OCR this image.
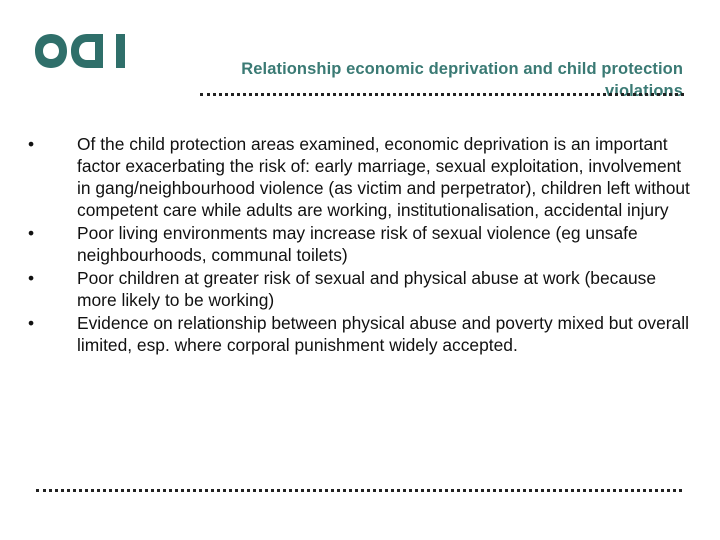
Relationship economic deprivation and child protection violations
• Of the child protection areas examined, economic deprivation is an important factor exacerbating the risk of: early marriage, sexual exploitation, involvement in gang/neighbourhood violence (as victim and perpetrator), children left without competent care while adults are working, institutionalisation, accidental injury
• Poor living environments may increase risk of sexual violence (eg unsafe neighbourhoods, communal toilets)
• Poor children at greater risk of sexual and physical abuse at work (because more likely to be working)
• Evidence on relationship between physical abuse and poverty mixed but overall limited, esp. where corporal punishment widely accepted.
